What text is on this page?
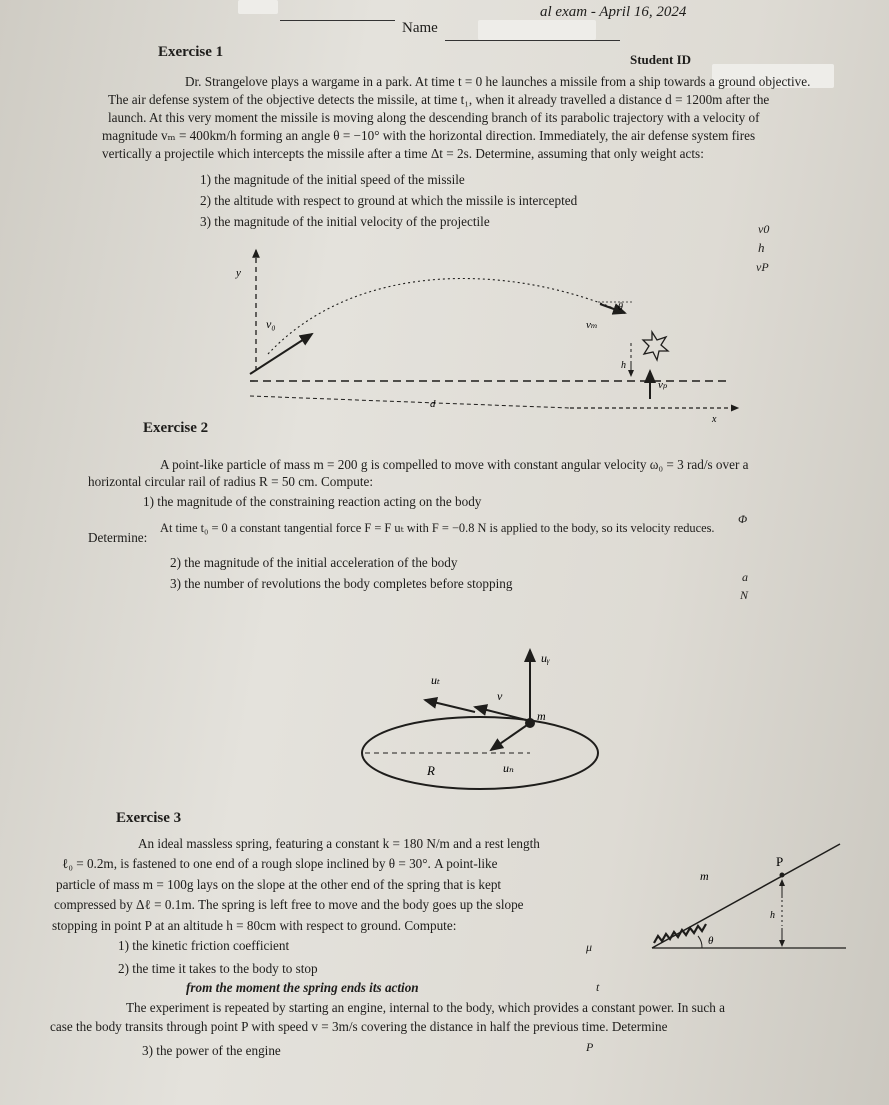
Name
al exam - April 16, 2024
Student ID
Exercise 1
Dr. Strangelove plays a wargame in a park. At time t = 0 he launches a missile from a ship towards a ground objective.
The air defense system of the objective detects the missile, at time t₁, when it already travelled a distance d = 1200m after the
launch. At this very moment the missile is moving along the descending branch of its parabolic trajectory with a velocity of
magnitude vₘ = 400km/h forming an angle θ = −10° with the horizontal direction. Immediately, the air defense system fires
vertically a projectile which intercepts the missile after a time Δt = 2s. Determine, assuming that only weight acts:
1) the magnitude of the initial speed of the missile
2) the altitude with respect to ground at which the missile is intercepted
3) the magnitude of the initial velocity of the projectile	v0
h
vP
y
v₀
θ
vₘ
h
vₚ
d
x
Exercise 2
A point-like particle of mass m = 200 g is compelled to move with constant angular velocity ω₀ = 3 rad/s over a
horizontal circular rail of radius R = 50 cm. Compute:
1) the magnitude of the constraining reaction acting on the body
Φ
At time t₀ = 0 a constant tangential force F = F uₜ with F = −0.8 N is applied to the body, so its velocity reduces.
Determine:
2) the magnitude of the initial acceleration of the body
3) the number of revolutions the body completes before stopping	a
N
R
uᵧ
v
uₜ
m
uₙ
Exercise 3
An ideal massless spring, featuring a constant k = 180 N/m and a rest length
ℓ₀ = 0.2m, is fastened to one end of a rough slope inclined by θ = 30°. A point-like
particle of mass m = 100g lays on the slope at the other end of the spring that is kept
compressed by Δℓ = 0.1m. The spring is left free to move and the body goes up the slope
stopping in point P at an altitude h = 80cm with respect to ground. Compute:
1) the kinetic friction coefficient	μ
2) the time it takes to the body to stop
from the moment the spring ends its action	t
The experiment is repeated by starting an engine, internal to the body, which provides a constant power. In such a
case the body transits through point P with speed v = 3m/s covering the distance in half the previous time. Determine
3) the power of the engine	P
θ
m
P
h
